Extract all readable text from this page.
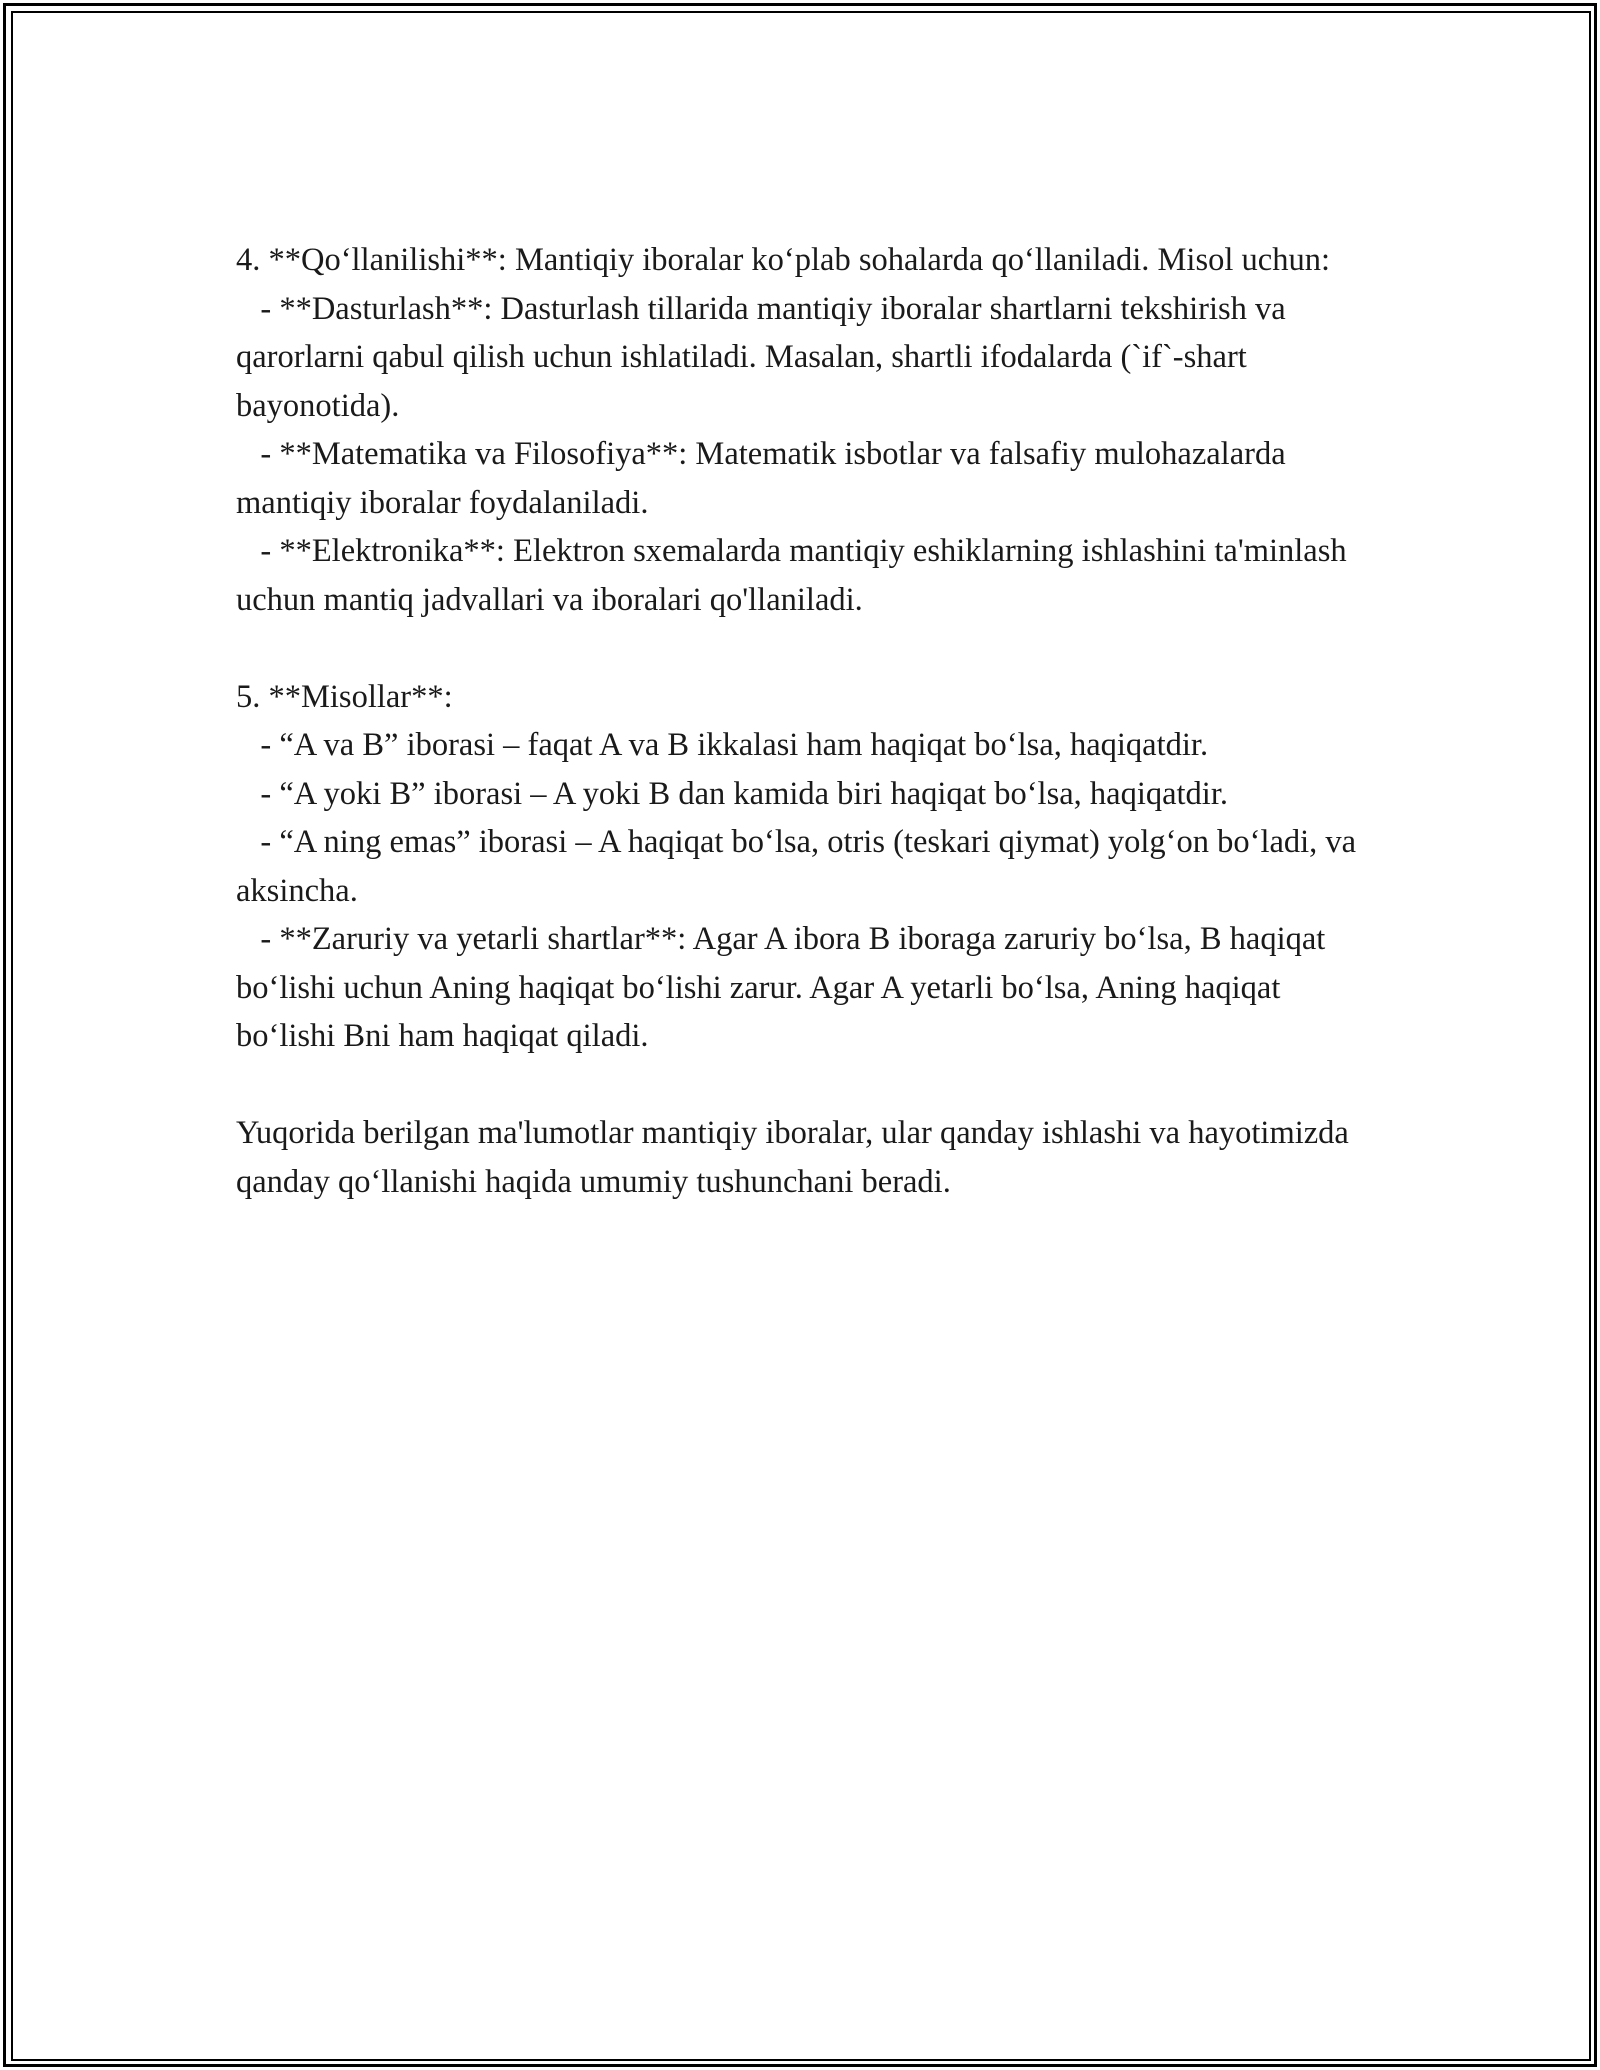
4. **Qo‘llanilishi**: Mantiqiy iboralar ko‘plab sohalarda qo‘llaniladi. Misol uchun:

- **Dasturlash**: Dasturlash tillarida mantiqiy iboralar shartlarni tekshirish va qarorlarni qabul qilish uchun ishlatiladi. Masalan, shartli ifodalarda (`if`-shart bayonotida).

- **Matematika va Filosofiya**: Matematik isbotlar va falsafiy mulohazalarda mantiqiy iboralar foydalaniladi.

- **Elektronika**: Elektron sxemalarda mantiqiy eshiklarning ishlashini ta'minlash uchun mantiq jadvallari va iboralari qo'llaniladi.

5. **Misollar**:

- “A va B” iborasi – faqat A va B ikkalasi ham haqiqat bo‘lsa, haqiqatdir.

- “A yoki B” iborasi – A yoki B dan kamida biri haqiqat bo‘lsa, haqiqatdir.

- “A ning emas” iborasi – A haqiqat bo‘lsa, otris (teskari qiymat) yolg‘on bo‘ladi, va aksincha.

- **Zaruriy va yetarli shartlar**: Agar A ibora B iboraga zaruriy bo‘lsa, B haqiqat bo‘lishi uchun Aning haqiqat bo‘lishi zarur. Agar A yetarli bo‘lsa, Aning haqiqat bo‘lishi Bni ham haqiqat qiladi.

Yuqorida berilgan ma'lumotlar mantiqiy iboralar, ular qanday ishlashi va hayotimizda qanday qo‘llanishi haqida umumiy tushunchani beradi.
